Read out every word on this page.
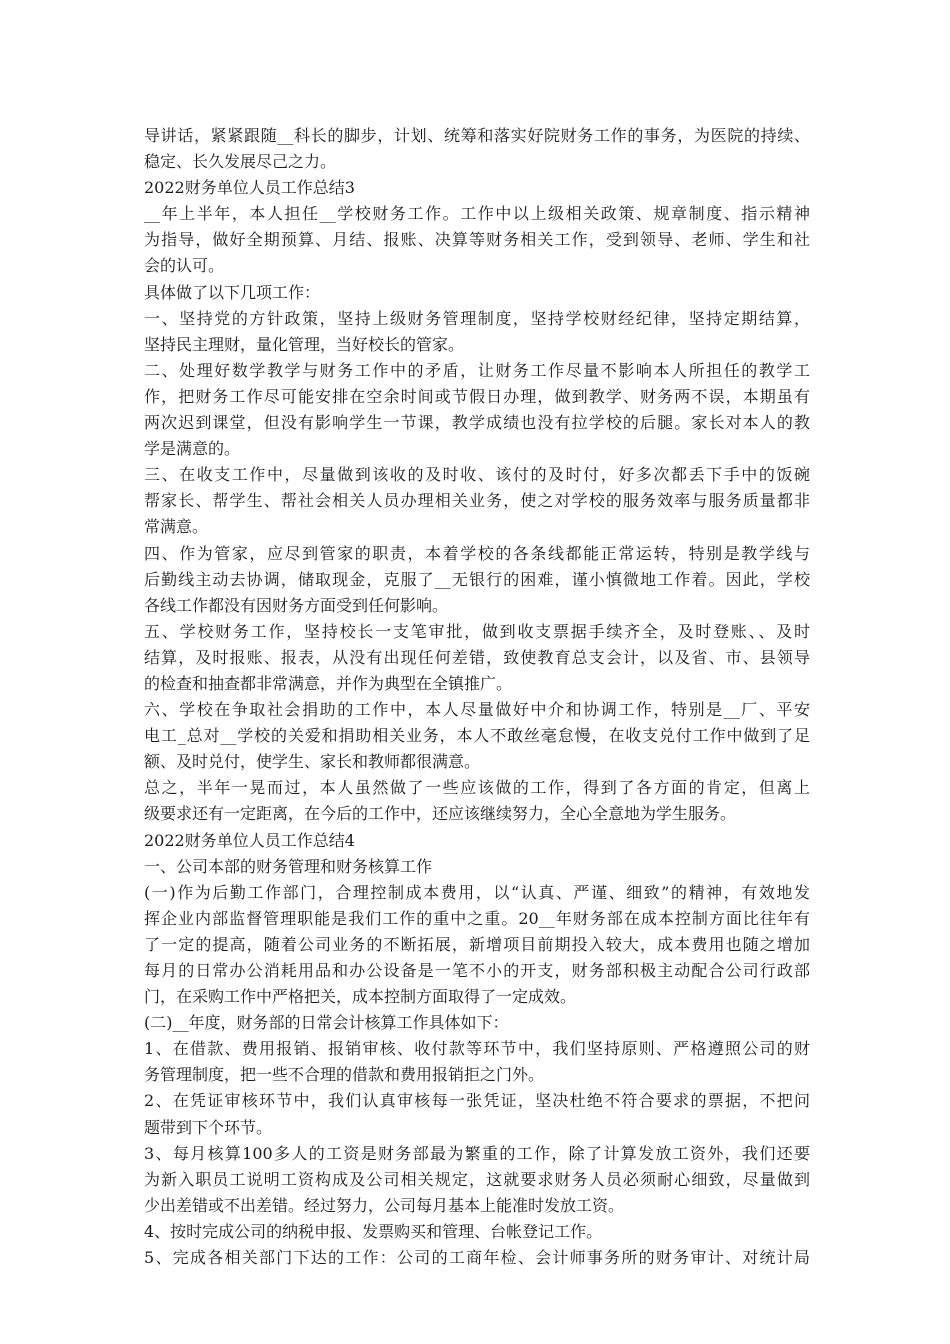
导讲话，紧紧跟随__科长的脚步，计划、统筹和落实好院财务工作的事务，为医院的持续、
稳定、长久发展尽己之力。
2022财务单位人员工作总结3
__年上半年，本人担任__学校财务工作。工作中以上级相关政策、规章制度、指示精神
为指导，做好全期预算、月结、报账、决算等财务相关工作，受到领导、老师、学生和社
会的认可。
具体做了以下几项工作：
一、坚持党的方针政策，坚持上级财务管理制度，坚持学校财经纪律，坚持定期结算，
坚持民主理财，量化管理，当好校长的管家。
二、处理好数学教学与财务工作中的矛盾，让财务工作尽量不影响本人所担任的教学工
作，把财务工作尽可能安排在空余时间或节假日办理，做到教学、财务两不误，本期虽有
两次迟到课堂，但没有影响学生一节课，教学成绩也没有拉学校的后腿。家长对本人的教
学是满意的。
三、在收支工作中，尽量做到该收的及时收、该付的及时付，好多次都丢下手中的饭碗
帮家长、帮学生、帮社会相关人员办理相关业务，使之对学校的服务效率与服务质量都非
常满意。
四、作为管家，应尽到管家的职责，本着学校的各条线都能正常运转，特别是教学线与
后勤线主动去协调，储取现金，克服了__无银行的困难，谨小慎微地工作着。因此，学校
各线工作都没有因财务方面受到任何影响。
五、学校财务工作，坚持校长一支笔审批，做到收支票据手续齐全，及时登账、、及时
结算，及时报账、报表，从没有出现任何差错，致使教育总支会计，以及省、市、县领导
的检查和抽查都非常满意，并作为典型在全镇推广。
六、学校在争取社会捐助的工作中，本人尽量做好中介和协调工作，特别是__厂、平安
电工_总对__学校的关爱和捐助相关业务，本人不敢丝毫怠慢，在收支兑付工作中做到了足
额、及时兑付，使学生、家长和教师都很满意。
总之，半年一晃而过，本人虽然做了一些应该做的工作，得到了各方面的肯定，但离上
级要求还有一定距离，在今后的工作中，还应该继续努力，全心全意地为学生服务。
2022财务单位人员工作总结4
一、公司本部的财务管理和财务核算工作
(一)作为后勤工作部门，合理控制成本费用，以“认真、严谨、细致”的精神，有效地发
挥企业内部监督管理职能是我们工作的重中之重。20__年财务部在成本控制方面比往年有
了一定的提高，随着公司业务的不断拓展，新增项目前期投入较大，成本费用也随之增加
每月的日常办公消耗用品和办公设备是一笔不小的开支，财务部积极主动配合公司行政部
门，在采购工作中严格把关，成本控制方面取得了一定成效。
(二)__年度，财务部的日常会计核算工作具体如下：
1、在借款、费用报销、报销审核、收付款等环节中，我们坚持原则、严格遵照公司的财
务管理制度，把一些不合理的借款和费用报销拒之门外。
2、在凭证审核环节中，我们认真审核每一张凭证，坚决杜绝不符合要求的票据，不把问
题带到下个环节。
3、每月核算100多人的工资是财务部最为繁重的工作，除了计算发放工资外，我们还要
为新入职员工说明工资构成及公司相关规定，这就要求财务人员必须耐心细致，尽量做到
少出差错或不出差错。经过努力，公司每月基本上能准时发放工资。
4、按时完成公司的纳税申报、发票购买和管理、台帐登记工作。
5、完成各相关部门下达的工作：公司的工商年检、会计师事务所的财务审计、对统计局
